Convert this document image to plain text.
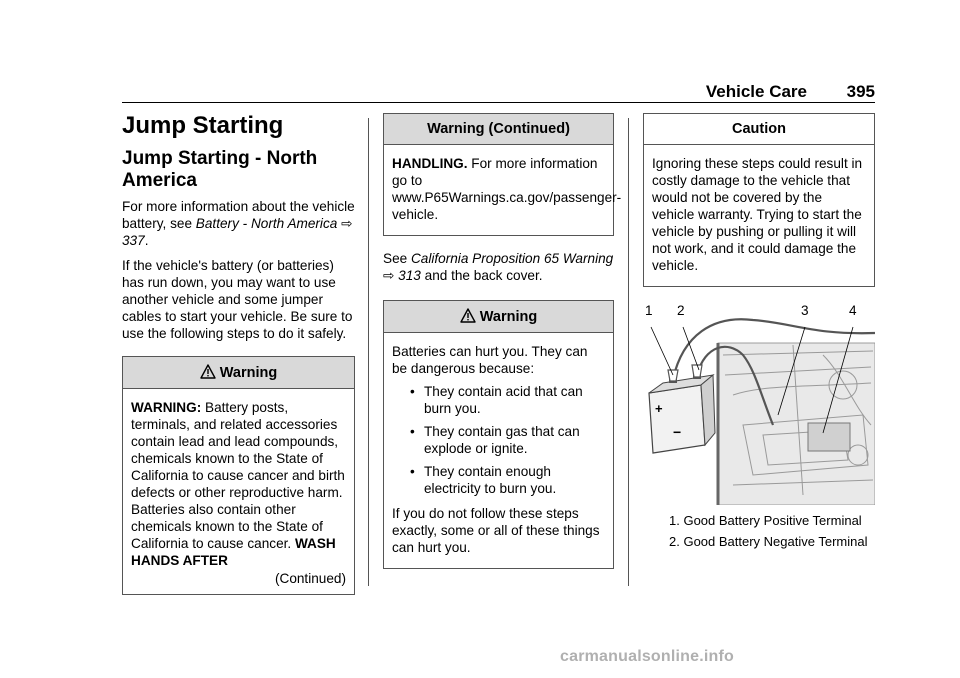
Vehicle Care 395
Jump Starting
Jump Starting - North America

For more information about the vehicle battery, see Battery - North America ⇨ 337.

If the vehicle's battery (or batteries) has run down, you may want to use another vehicle and some jumper cables to start your vehicle. Be sure to use the following steps to do it safely.

Warning

WARNING: Battery posts, terminals, and related accessories contain lead and lead compounds, chemicals known to the State of California to cause cancer and birth defects or other reproductive harm. Batteries also contain other chemicals known to the State of California to cause cancer. WASH HANDS AFTER

(Continued)
Warning (Continued)

HANDLING. For more information go to www.P65Warnings.ca.gov/passenger-vehicle.

See California Proposition 65 Warning ⇨ 313 and the back cover.

Warning

Batteries can hurt you. They can be dangerous because:

• They contain acid that can burn you.
• They contain gas that can explode or ignite.
• They contain enough electricity to burn you.

If you do not follow these steps exactly, some or all of these things can hurt you.

Caution

Ignoring these steps could result in costly damage to the vehicle that would not be covered by the vehicle warranty. Trying to start the vehicle by pushing or pulling it will not work, and it could damage the vehicle.

+
−
1 2	3	4
1. Good Battery Positive Terminal
2. Good Battery Negative Terminal
carmanualsonline.info
